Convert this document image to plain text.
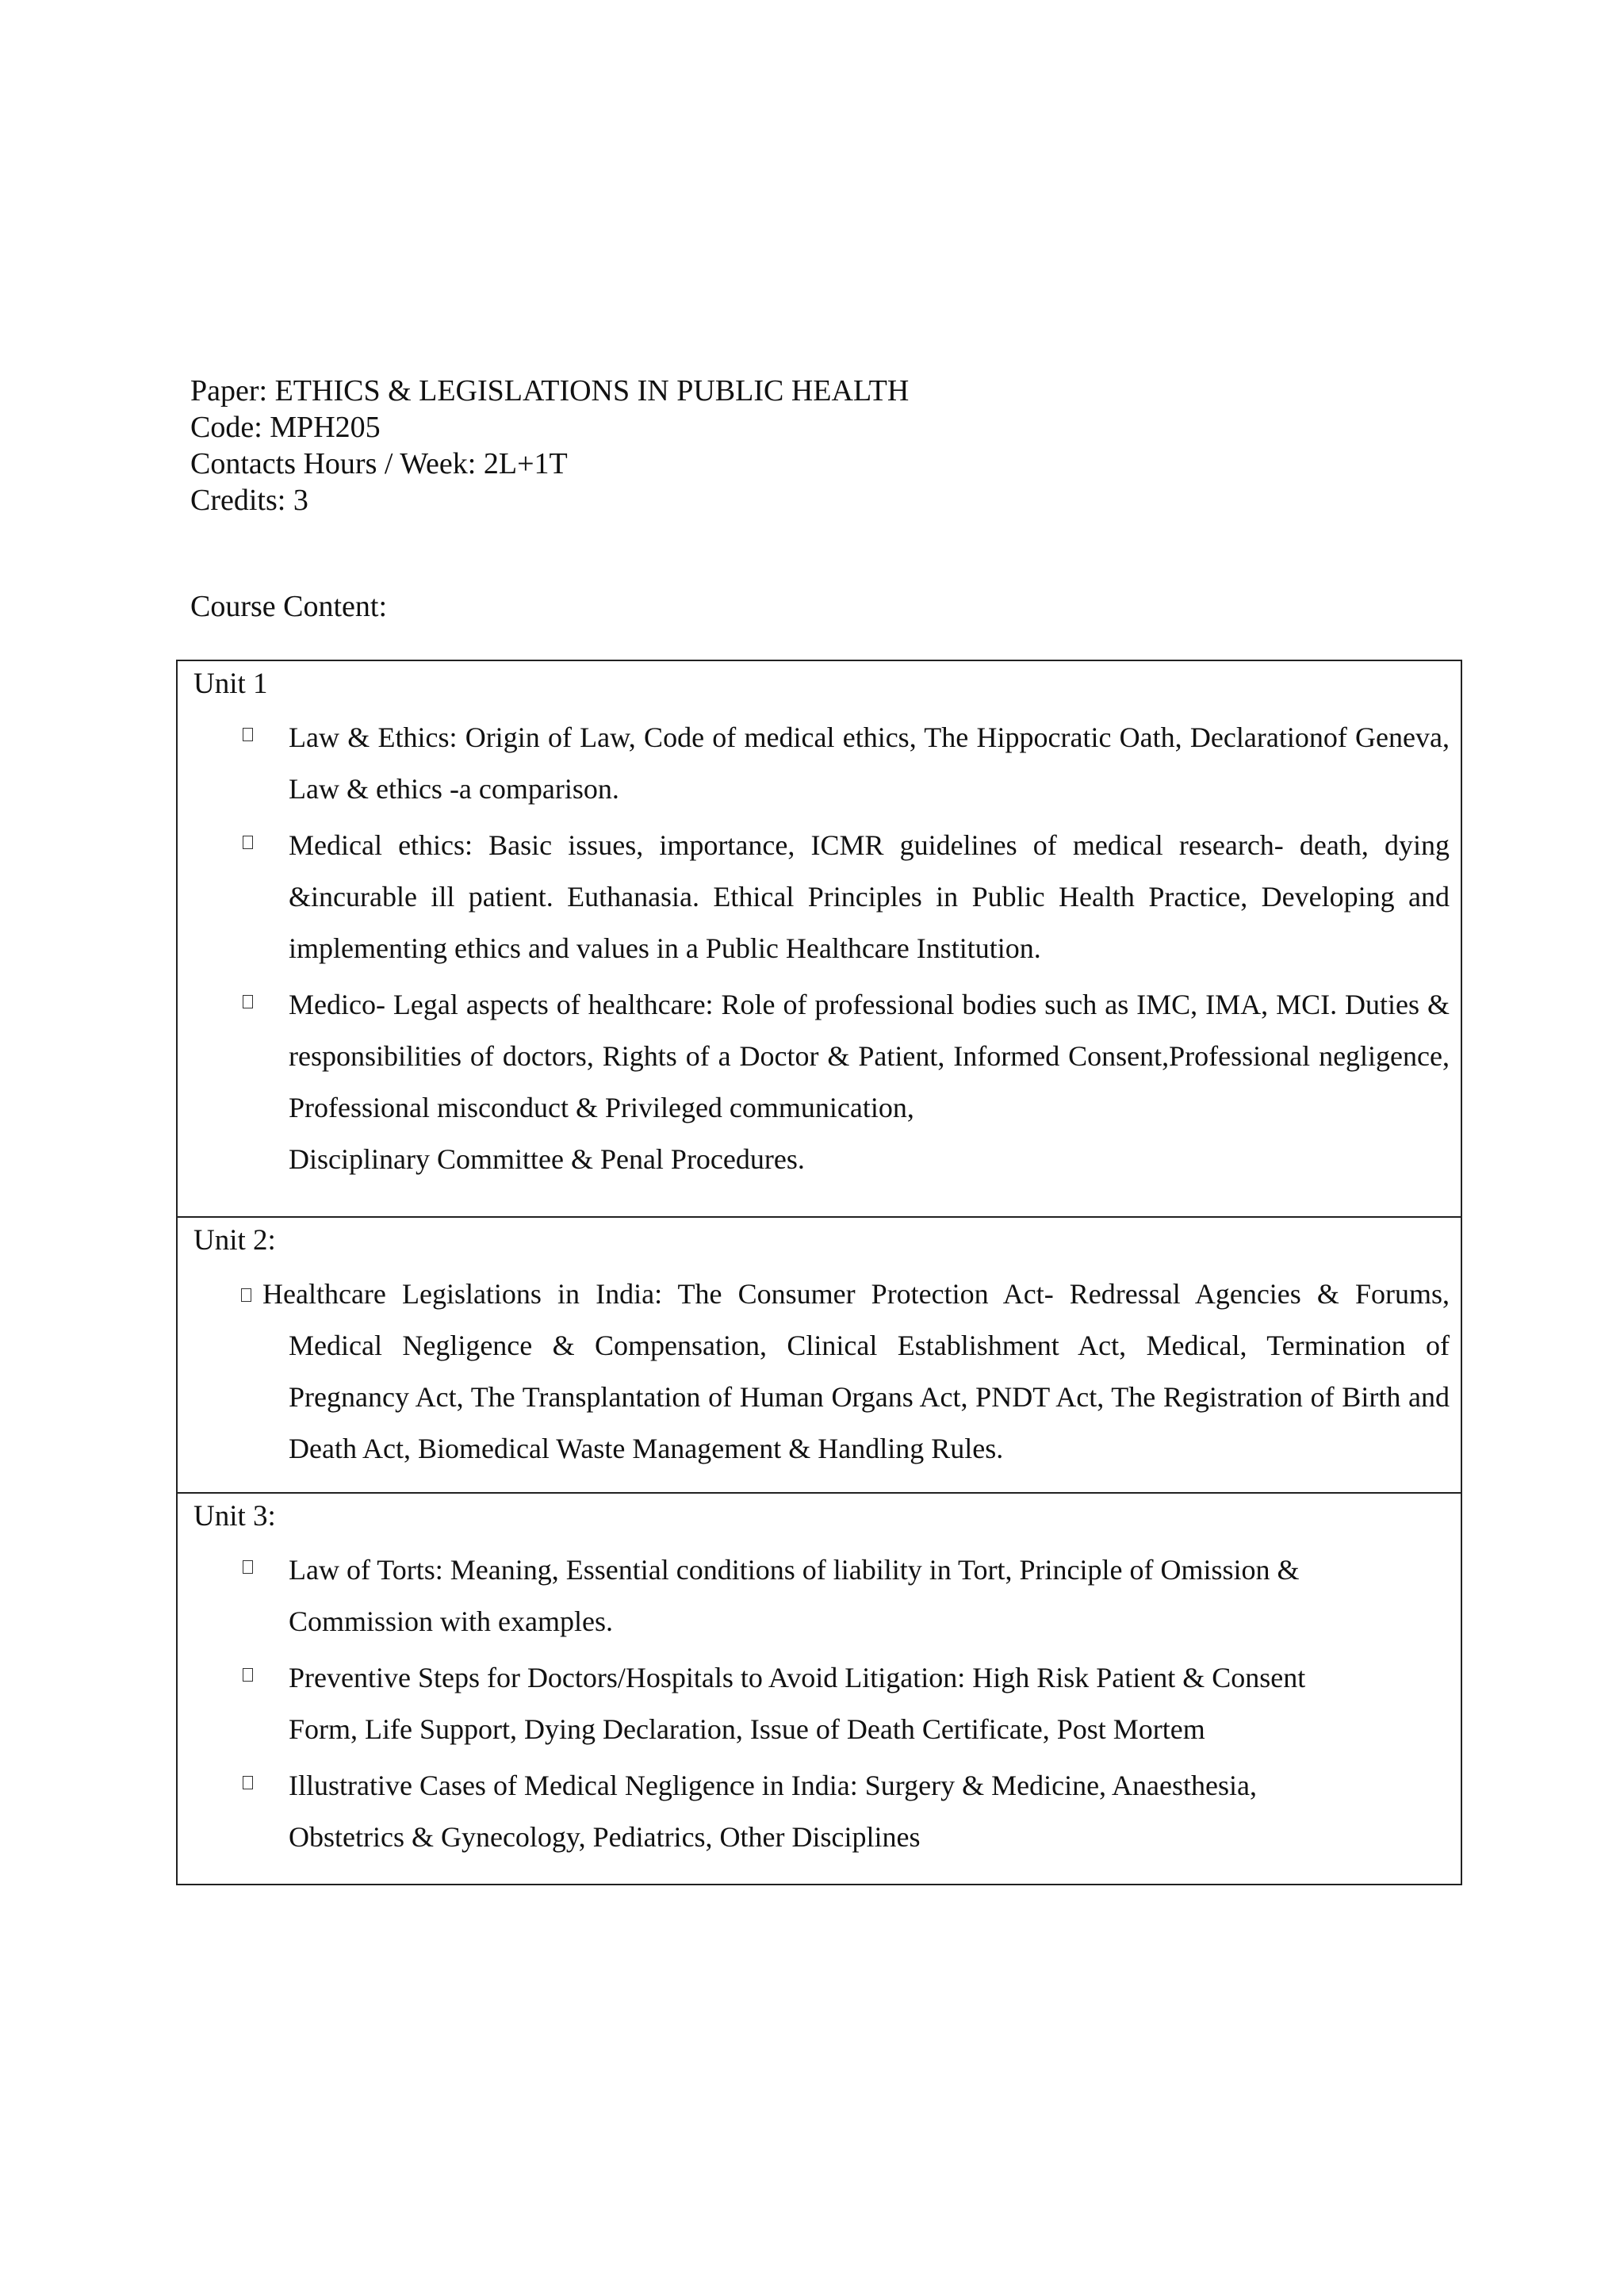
Paper: ETHICS & LEGISLATIONS IN PUBLIC HEALTH
Code: MPH205
Contacts Hours / Week: 2L+1T
Credits: 3
Course Content:
Unit 1
Law & Ethics: Origin of Law, Code of medical ethics, The Hippocratic Oath, Declarationof Geneva, Law & ethics -a comparison.
Medical ethics: Basic issues, importance, ICMR guidelines of medical research- death, dying &incurable ill patient. Euthanasia. Ethical Principles in Public Health Practice, Developing and implementing ethics and values in a Public Healthcare Institution.
Medico- Legal aspects of healthcare: Role of professional bodies such as IMC, IMA, MCI. Duties & responsibilities of doctors, Rights of a Doctor & Patient, Informed Consent,Professional negligence, Professional misconduct & Privileged communication,
Disciplinary Committee & Penal Procedures.
Unit 2:
Healthcare Legislations in India: The Consumer Protection Act- Redressal Agencies & Forums, Medical Negligence & Compensation, Clinical Establishment Act, Medical, Termination of Pregnancy Act, The Transplantation of Human Organs Act, PNDT Act, The Registration of Birth and Death Act, Biomedical Waste Management & Handling Rules.
Unit 3:
Law of Torts: Meaning, Essential conditions of liability in Tort, Principle of Omission & Commission with examples.
Preventive Steps for Doctors/Hospitals to Avoid Litigation: High Risk Patient & Consent Form, Life Support, Dying Declaration, Issue of Death Certificate, Post Mortem
Illustrative Cases of Medical Negligence in India: Surgery & Medicine, Anaesthesia, Obstetrics & Gynecology, Pediatrics, Other Disciplines
